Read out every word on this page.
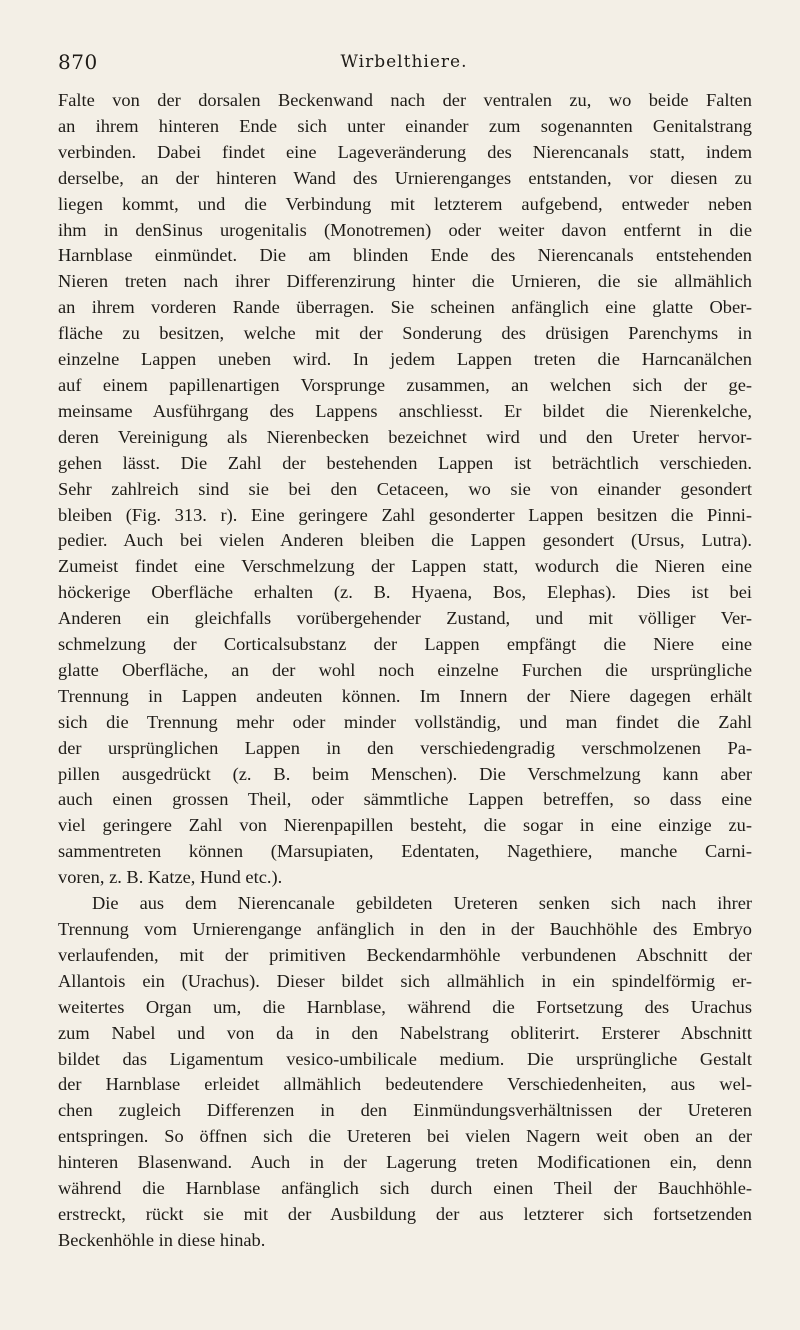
870	Wirbelthiere.
Falte von der dorsalen Beckenwand nach der ventralen zu, wo beide Falten
an ihrem hinteren Ende sich unter einander zum sogenannten Genitalstrang
verbinden. Dabei findet eine Lageveränderung des Nierencanals statt, indem
derselbe, an der hinteren Wand des Urnierenganges entstanden, vor diesen zu
liegen kommt, und die Verbindung mit letzterem aufgebend, entweder neben
ihm in denSinus urogenitalis (Monotremen) oder weiter davon entfernt in die
Harnblase einmündet. Die am blinden Ende des Nierencanals entstehenden
Nieren treten nach ihrer Differenzirung hinter die Urnieren, die sie allmählich
an ihrem vorderen Rande überragen. Sie scheinen anfänglich eine glatte Ober-
fläche zu besitzen, welche mit der Sonderung des drüsigen Parenchyms in
einzelne Lappen uneben wird. In jedem Lappen treten die Harncanälchen
auf einem papillenartigen Vorsprunge zusammen, an welchen sich der ge-
meinsame Ausführgang des Lappens anschliesst. Er bildet die Nierenkelche,
deren Vereinigung als Nierenbecken bezeichnet wird und den Ureter hervor-
gehen lässt. Die Zahl der bestehenden Lappen ist beträchtlich verschieden.
Sehr zahlreich sind sie bei den Cetaceen, wo sie von einander gesondert
bleiben (Fig. 313. r). Eine geringere Zahl gesonderter Lappen besitzen die Pinni-
pedier. Auch bei vielen Anderen bleiben die Lappen gesondert (Ursus, Lutra).
Zumeist findet eine Verschmelzung der Lappen statt, wodurch die Nieren eine
höckerige Oberfläche erhalten (z. B. Hyaena, Bos, Elephas). Dies ist bei
Anderen ein gleichfalls vorübergehender Zustand, und mit völliger Ver-
schmelzung der Corticalsubstanz der Lappen empfängt die Niere eine
glatte Oberfläche, an der wohl noch einzelne Furchen die ursprüngliche
Trennung in Lappen andeuten können. Im Innern der Niere dagegen erhält
sich die Trennung mehr oder minder vollständig, und man findet die Zahl
der ursprünglichen Lappen in den verschiedengradig verschmolzenen Pa-
pillen ausgedrückt (z. B. beim Menschen). Die Verschmelzung kann aber
auch einen grossen Theil, oder sämmtliche Lappen betreffen, so dass eine
viel geringere Zahl von Nierenpapillen besteht, die sogar in eine einzige zu-
sammentreten können (Marsupiaten, Edentaten, Nagethiere, manche Carni-
voren, z. B. Katze, Hund etc.).
Die aus dem Nierencanale gebildeten Ureteren senken sich nach ihrer
Trennung vom Urnierengange anfänglich in den in der Bauchhöhle des Embryo
verlaufenden, mit der primitiven Beckendarmhöhle verbundenen Abschnitt der
Allantois ein (Urachus). Dieser bildet sich allmählich in ein spindelförmig er-
weitertes Organ um, die Harnblase, während die Fortsetzung des Urachus
zum Nabel und von da in den Nabelstrang obliterirt. Ersterer Abschnitt
bildet das Ligamentum vesico-umbilicale medium. Die ursprüngliche Gestalt
der Harnblase erleidet allmählich bedeutendere Verschiedenheiten, aus wel-
chen zugleich Differenzen in den Einmündungsverhältnissen der Ureteren
entspringen. So öffnen sich die Ureteren bei vielen Nagern weit oben an der
hinteren Blasenwand. Auch in der Lagerung treten Modificationen ein, denn
während die Harnblase anfänglich sich durch einen Theil der Bauchhöhle-
erstreckt, rückt sie mit der Ausbildung der aus letzterer sich fortsetzenden
Beckenhöhle in diese hinab.
